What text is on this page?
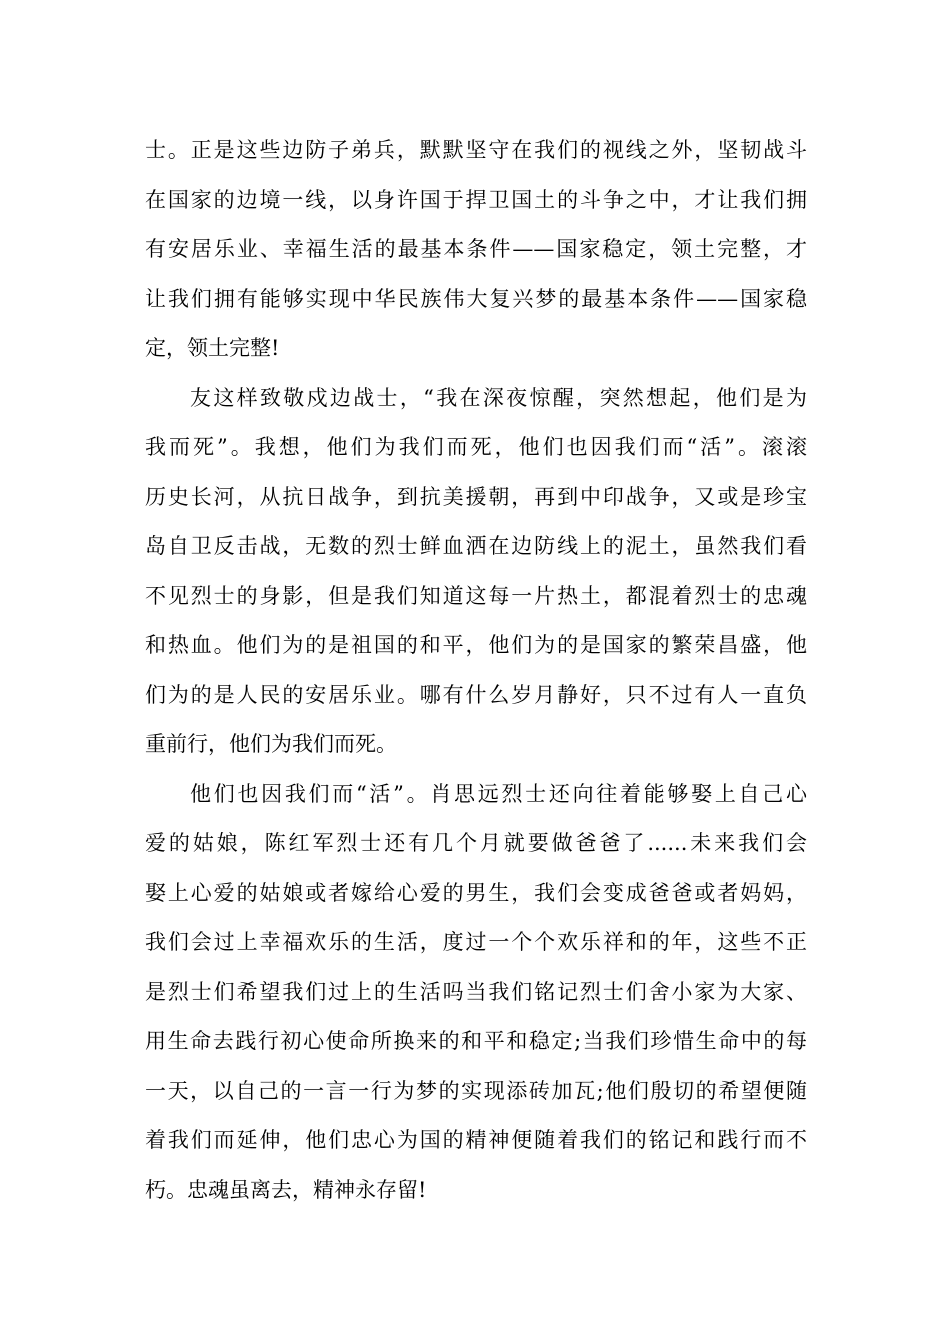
士。正是这些边防子弟兵，默默坚守在我们的视线之外，坚韧战斗
在国家的边境一线，以身许国于捍卫国土的斗争之中，才让我们拥
有安居乐业、幸福生活的最基本条件——国家稳定，领土完整，才
让我们拥有能够实现中华民族伟大复兴梦的最基本条件——国家稳
定，领土完整!
友这样致敬戍边战士，“我在深夜惊醒，突然想起，他们是为
我而死”。我想，他们为我们而死，他们也因我们而“活”。滚滚
历史长河，从抗日战争，到抗美援朝，再到中印战争，又或是珍宝
岛自卫反击战，无数的烈士鲜血洒在边防线上的泥土，虽然我们看
不见烈士的身影，但是我们知道这每一片热土，都混着烈士的忠魂
和热血。他们为的是祖国的和平，他们为的是国家的繁荣昌盛，他
们为的是人民的安居乐业。哪有什么岁月静好，只不过有人一直负
重前行，他们为我们而死。
他们也因我们而“活”。肖思远烈士还向往着能够娶上自己心
爱的姑娘，陈红军烈士还有几个月就要做爸爸了......未来我们会
娶上心爱的姑娘或者嫁给心爱的男生，我们会变成爸爸或者妈妈，
我们会过上幸福欢乐的生活，度过一个个欢乐祥和的年，这些不正
是烈士们希望我们过上的生活吗当我们铭记烈士们舍小家为大家、
用生命去践行初心使命所换来的和平和稳定;当我们珍惜生命中的每
一天，以自己的一言一行为梦的实现添砖加瓦;他们殷切的希望便随
着我们而延伸，他们忠心为国的精神便随着我们的铭记和践行而不
朽。忠魂虽离去，精神永存留!
